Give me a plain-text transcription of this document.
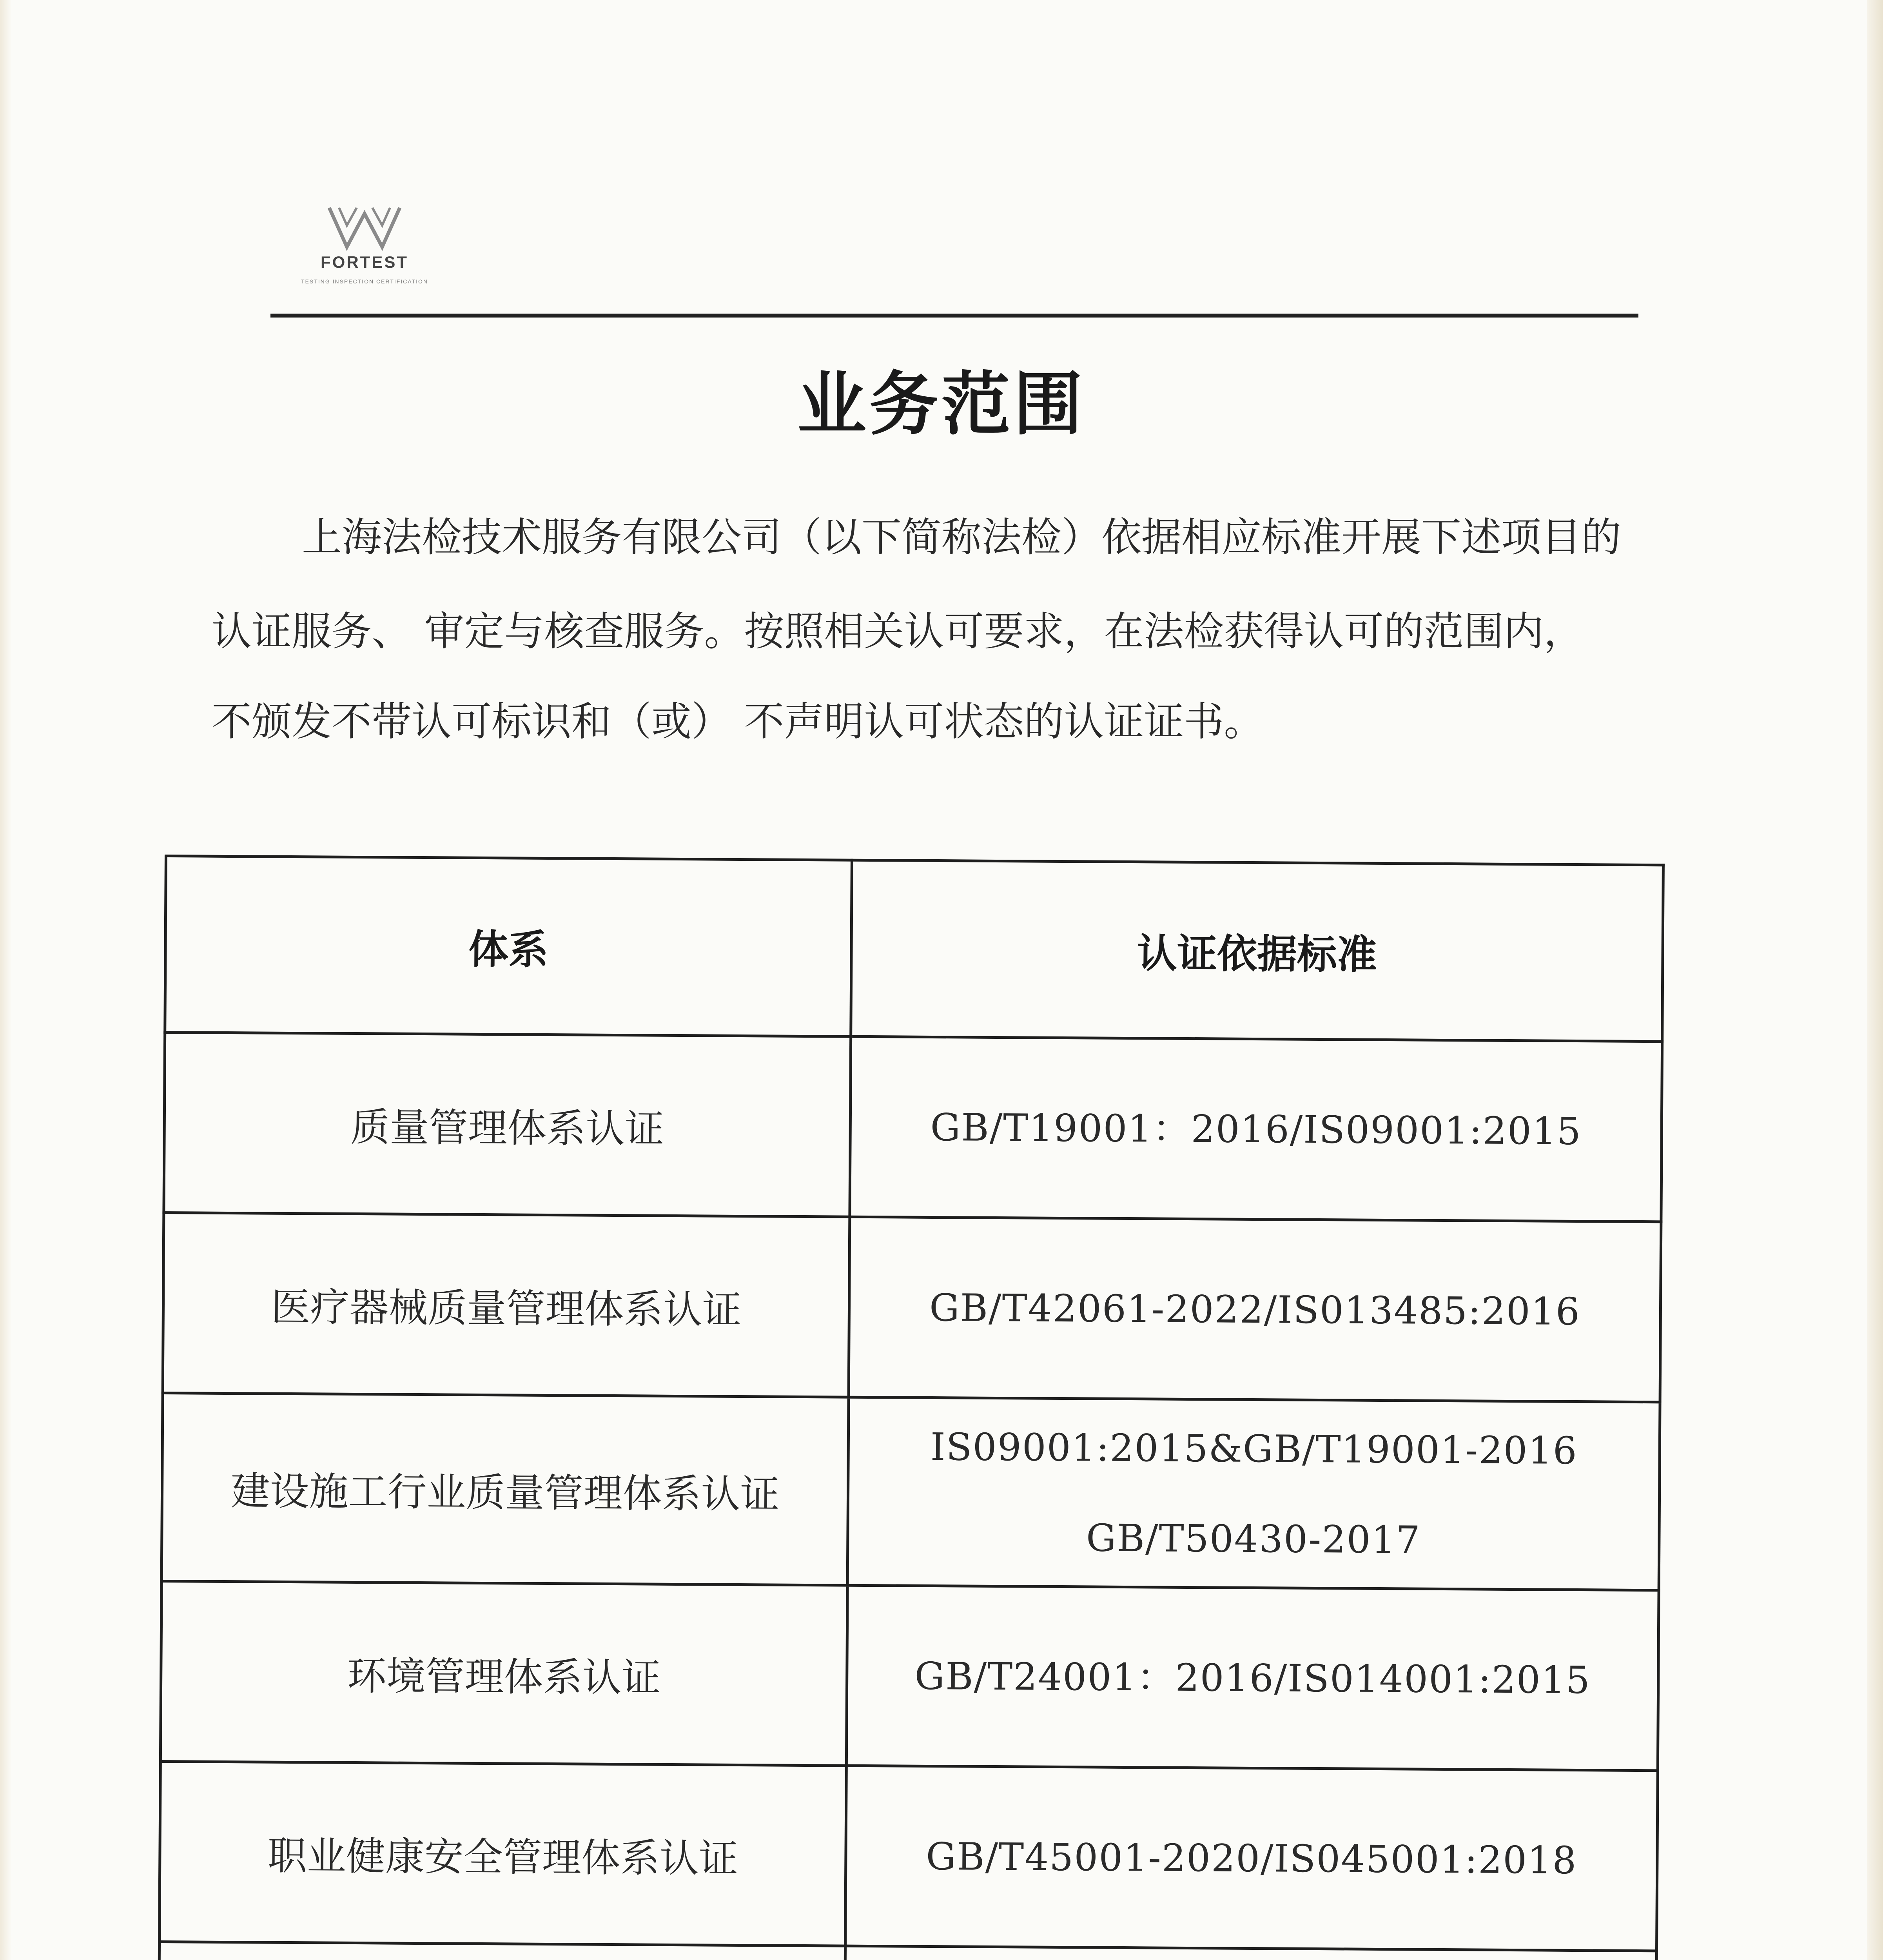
FORTEST
TESTING INSPECTION CERTIFICATION
业务范围
上海法检技术服务有限公司（以下简称法检）依据相应标准开展下述项目的
认证服务、 审定与核查服务。按照相关认可要求，在法检获得认可的范围内，
不颁发不带认可标识和（或） 不声明认可状态的认证证书。
体系	认证依据标准
质量管理体系认证	GB/T19001：2016/IS09001:2015

医疗器械质量管理体系认证	GB/T42061-2022/IS013485:2016

建设施工行业质量管理体系认证	IS09001:2015&GB/T19001-2016
GB/T50430-2017

环境管理体系认证	GB/T24001：2016/IS014001:2015

职业健康安全管理体系认证	GB/T45001-2020/IS045001:2018
